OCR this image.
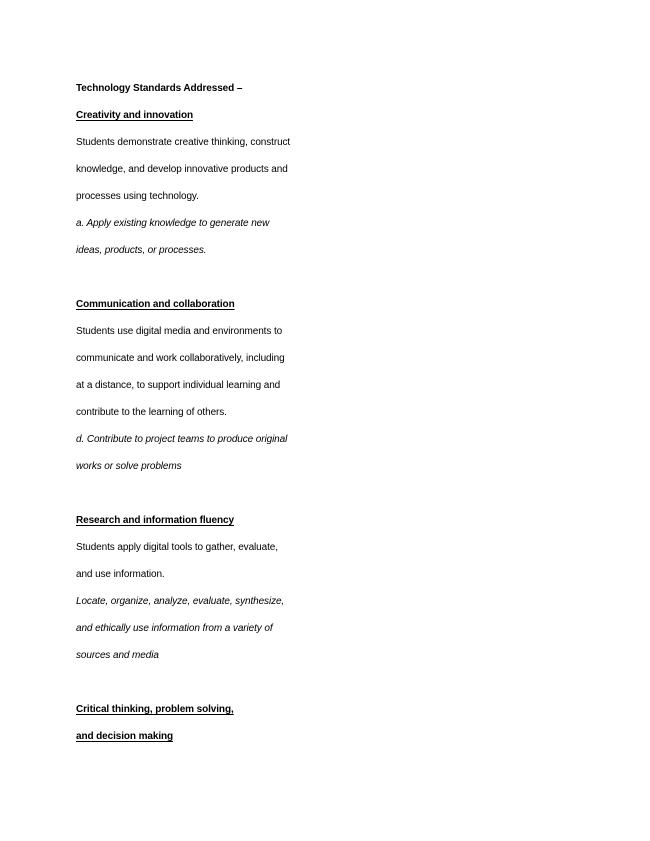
Technology Standards Addressed –
Creativity and innovation
Students demonstrate creative thinking, construct
knowledge, and develop innovative products and
processes using technology.
a. Apply existing knowledge to generate new
ideas, products, or processes.
Communication and collaboration
Students use digital media and environments to
communicate and work collaboratively, including
at a distance, to support individual learning and
contribute to the learning of others.
d. Contribute to project teams to produce original
works or solve problems
Research and information fluency
Students apply digital tools to gather, evaluate,
and use information.
Locate, organize, analyze, evaluate, synthesize,
and ethically use information from a variety of
sources and media
Critical thinking, problem solving,
and decision making
